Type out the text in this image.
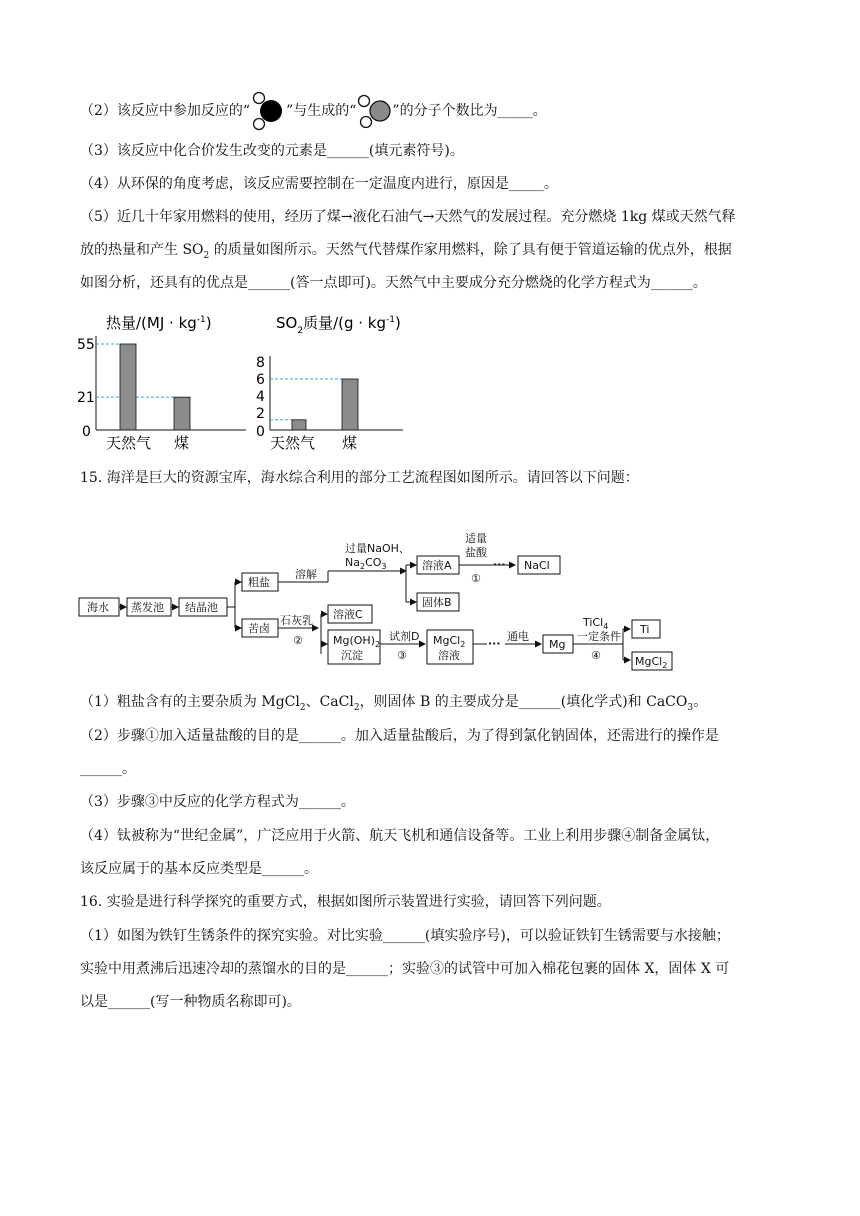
（2）该反应中参加反应的“	”与生成的“	”的分子个数比为_____。
（3）该反应中化合价发生改变的元素是______(填元素符号)。
（4）从环保的角度考虑，该反应需要控制在一定温度内进行，原因是_____。
（5）近几十年家用燃料的使用，经历了煤→液化石油气→天然气的发展过程。充分燃烧 1kg 煤或天然气释
放的热量和产生 $SO_2$ 的质量如图所示。天然气代替煤作家用燃料，除了具有便于管道运输的优点外，根据
如图分析，还具有的优点是______(答一点即可)。天然气中主要成分充分燃烧的化学方程式为______。
热量$/(MJ \cdot kg^{-1})$
55
21
0
天然气 煤
$SO_2$质量$/(g \cdot kg^{-1})$
8
6
4
2
0
天然气 煤
15. 海洋是巨大的资源宝库，海水综合利用的部分工艺流程图如图所示。请回答以下问题：
海水 蒸发池 结晶池
粗盐
苦卤
溶解
过量NaOH、
$Na_2CO_3$	溶液A
适量
盐酸
①
··· NaCl
固体B
石灰乳
②
溶液C
$Mg(OH)_2$
沉淀
试剂D
③
MgCl$_2$
溶液
···
通电
Mg
TiCl$_4$
一定条件
④
Ti
MgCl$_2$
（1）粗盐含有的主要杂质为 MgCl$_2$、CaCl$_2$，则固体 B 的主要成分是______(填化学式)和 CaCO$_3$。
（2）步骤①加入适量盐酸的目的是______。加入适量盐酸后，为了得到氯化钠固体，还需进行的操作是
______。
（3）步骤③中反应的化学方程式为______。
（4）钛被称为“世纪金属”，广泛应用于火箭、航天飞机和通信设备等。工业上利用步骤④制备金属钛，
该反应属于的基本反应类型是______。
16. 实验是进行科学探究的重要方式，根据如图所示装置进行实验，请回答下列问题。
（1）如图为铁钉生锈条件的探究实验。对比实验______(填实验序号)，可以验证铁钉生锈需要与水接触；
实验中用煮沸后迅速冷却的蒸馏水的目的是______；实验③的试管中可加入棉花包裹的固体 X，固体 X 可
以是______(写一种物质名称即可)。
